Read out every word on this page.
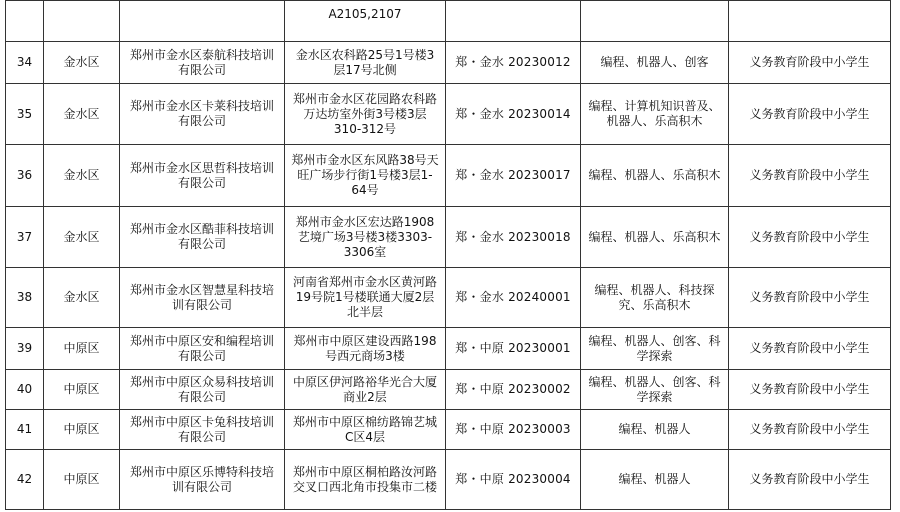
			A2105,2107			
34	金水区	郑州市金水区泰航科技培训有限公司	金水区农科路25号1号楼3层17号北侧	郑・金水 20230012	编程、机器人、创客	义务教育阶段中小学生
35	金水区	郑州市金水区卡莱科技培训有限公司	郑州市金水区花园路农科路万达坊室外街3号楼3层310-312号	郑・金水 20230014	编程、计算机知识普及、机器人、乐高积木	义务教育阶段中小学生
36	金水区	郑州市金水区思哲科技培训有限公司	郑州市金水区东风路38号天旺广场步行街1号楼3层1-64号	郑・金水 20230017	编程、机器人、乐高积木	义务教育阶段中小学生
37	金水区	郑州市金水区酷菲科技培训有限公司	郑州市金水区宏达路1908艺境广场3号楼3楼3303-3306室	郑・金水 20230018	编程、机器人、乐高积木	义务教育阶段中小学生
38	金水区	郑州市金水区智慧星科技培训有限公司	河南省郑州市金水区黄河路19号院1号楼联通大厦2层北半层	郑・金水 20240001	编程、机器人、科技探究、乐高积木	义务教育阶段中小学生
39	中原区	郑州市中原区安和编程培训有限公司	郑州市中原区建设西路198号西元商场3楼	郑・中原 20230001	编程、机器人、创客、科学探索	义务教育阶段中小学生
40	中原区	郑州市中原区众易科技培训有限公司	中原区伊河路裕华光合大厦商业2层	郑・中原 20230002	编程、机器人、创客、科学探索	义务教育阶段中小学生
41	中原区	郑州市中原区卡兔科技培训有限公司	郑州市中原区棉纺路锦艺城C区4层	郑・中原 20230003	编程、机器人	义务教育阶段中小学生
42	中原区	郑州市中原区乐博特科技培训有限公司	郑州市中原区桐柏路汝河路交叉口西北角市投集市二楼	郑・中原 20230004	编程、机器人	义务教育阶段中小学生
